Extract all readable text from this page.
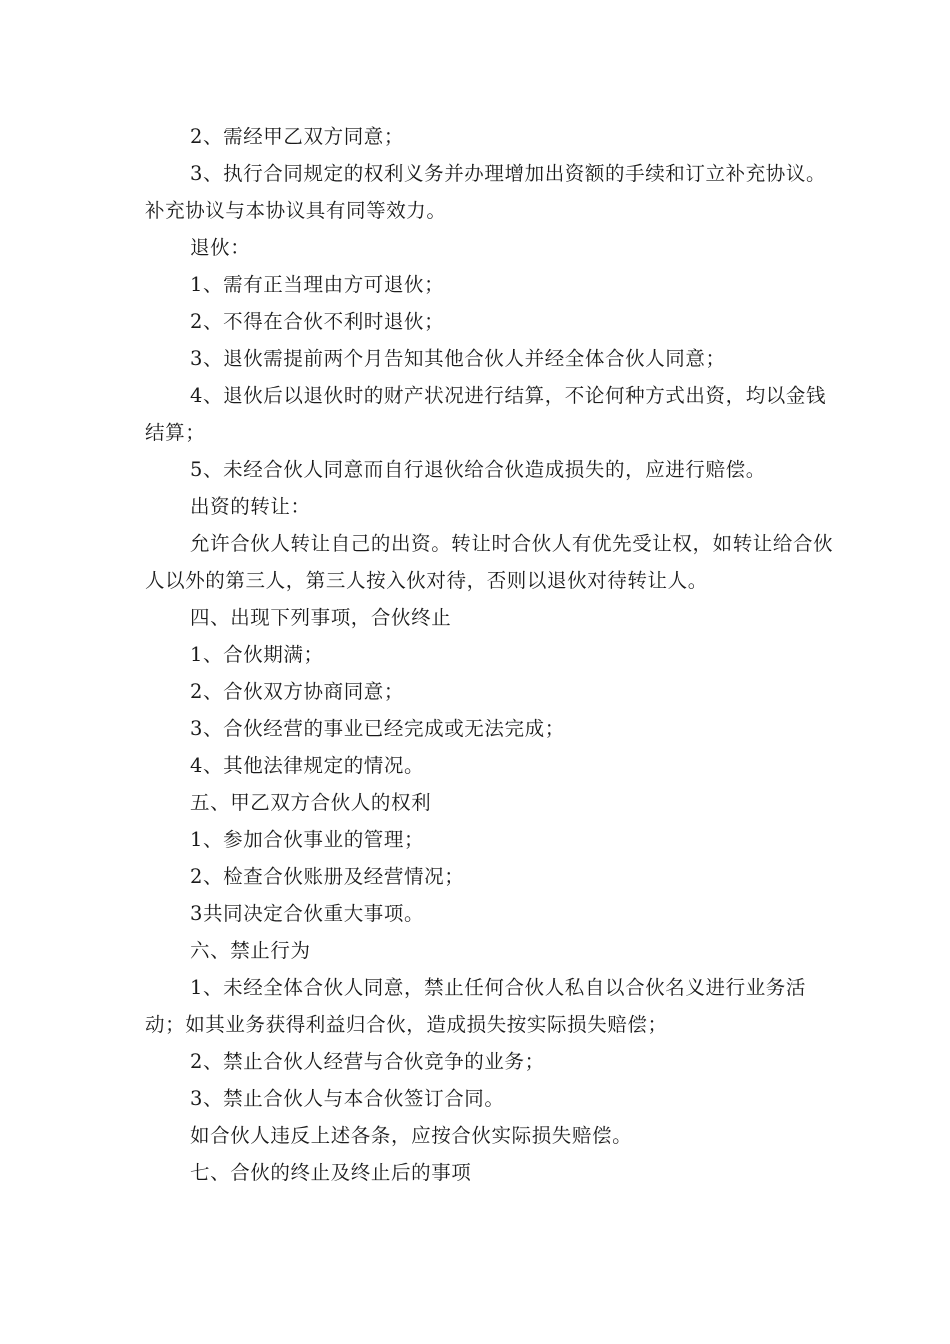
2、需经甲乙双方同意；

3、执行合同规定的权利义务并办理增加出资额的手续和订立补充协议。补充协议与本协议具有同等效力。

退伙：

1、需有正当理由方可退伙；

2、不得在合伙不利时退伙；

3、退伙需提前两个月告知其他合伙人并经全体合伙人同意；

4、退伙后以退伙时的财产状况进行结算，不论何种方式出资，均以金钱结算；

5、未经合伙人同意而自行退伙给合伙造成损失的，应进行赔偿。

出资的转让：

允许合伙人转让自己的出资。转让时合伙人有优先受让权，如转让给合伙人以外的第三人，第三人按入伙对待，否则以退伙对待转让人。

四、出现下列事项，合伙终止

1、合伙期满；

2、合伙双方协商同意；

3、合伙经营的事业已经完成或无法完成；

4、其他法律规定的情况。

五、甲乙双方合伙人的权利

1、参加合伙事业的管理；

2、检查合伙账册及经营情况；

3共同决定合伙重大事项。

六、禁止行为

1、未经全体合伙人同意，禁止任何合伙人私自以合伙名义进行业务活动；如其业务获得利益归合伙，造成损失按实际损失赔偿；

2、禁止合伙人经营与合伙竞争的业务；

3、禁止合伙人与本合伙签订合同。

如合伙人违反上述各条，应按合伙实际损失赔偿。

七、合伙的终止及终止后的事项
